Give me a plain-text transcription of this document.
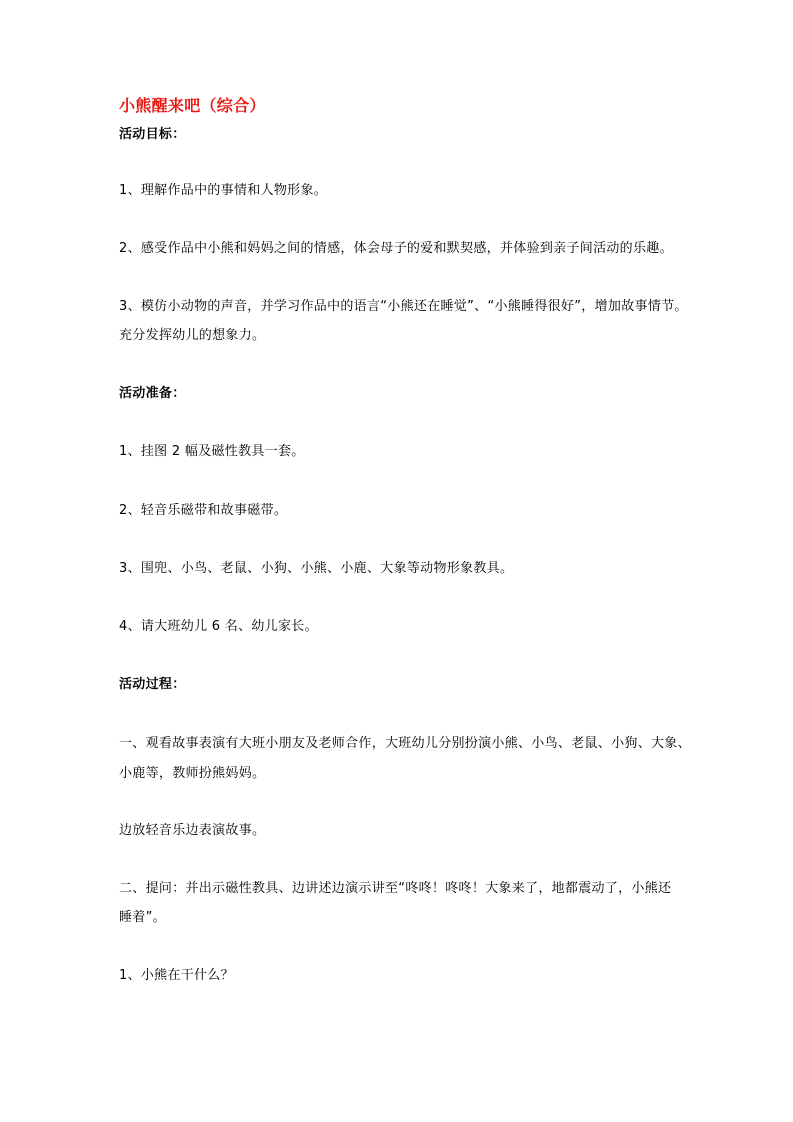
小熊醒来吧（综合）
活动目标：
1、理解作品中的事情和人物形象。
2、感受作品中小熊和妈妈之间的情感，体会母子的爱和默契感，并体验到亲子间活动的乐趣。
3、模仿小动物的声音，并学习作品中的语言“小熊还在睡觉”、“小熊睡得很好”，增加故事情节。
充分发挥幼儿的想象力。
活动准备：
1、挂图 2 幅及磁性教具一套。
2、轻音乐磁带和故事磁带。
3、围兜、小鸟、老鼠、小狗、小熊、小鹿、大象等动物形象教具。
4、请大班幼儿 6 名、幼儿家长。
活动过程：
一、观看故事表演有大班小朋友及老师合作，大班幼儿分别扮演小熊、小鸟、老鼠、小狗、大象、
小鹿等，教师扮熊妈妈。
边放轻音乐边表演故事。
二、提问：并出示磁性教具、边讲述边演示讲至“咚咚！咚咚！大象来了，地都震动了，小熊还
睡着”。
1、小熊在干什么？
